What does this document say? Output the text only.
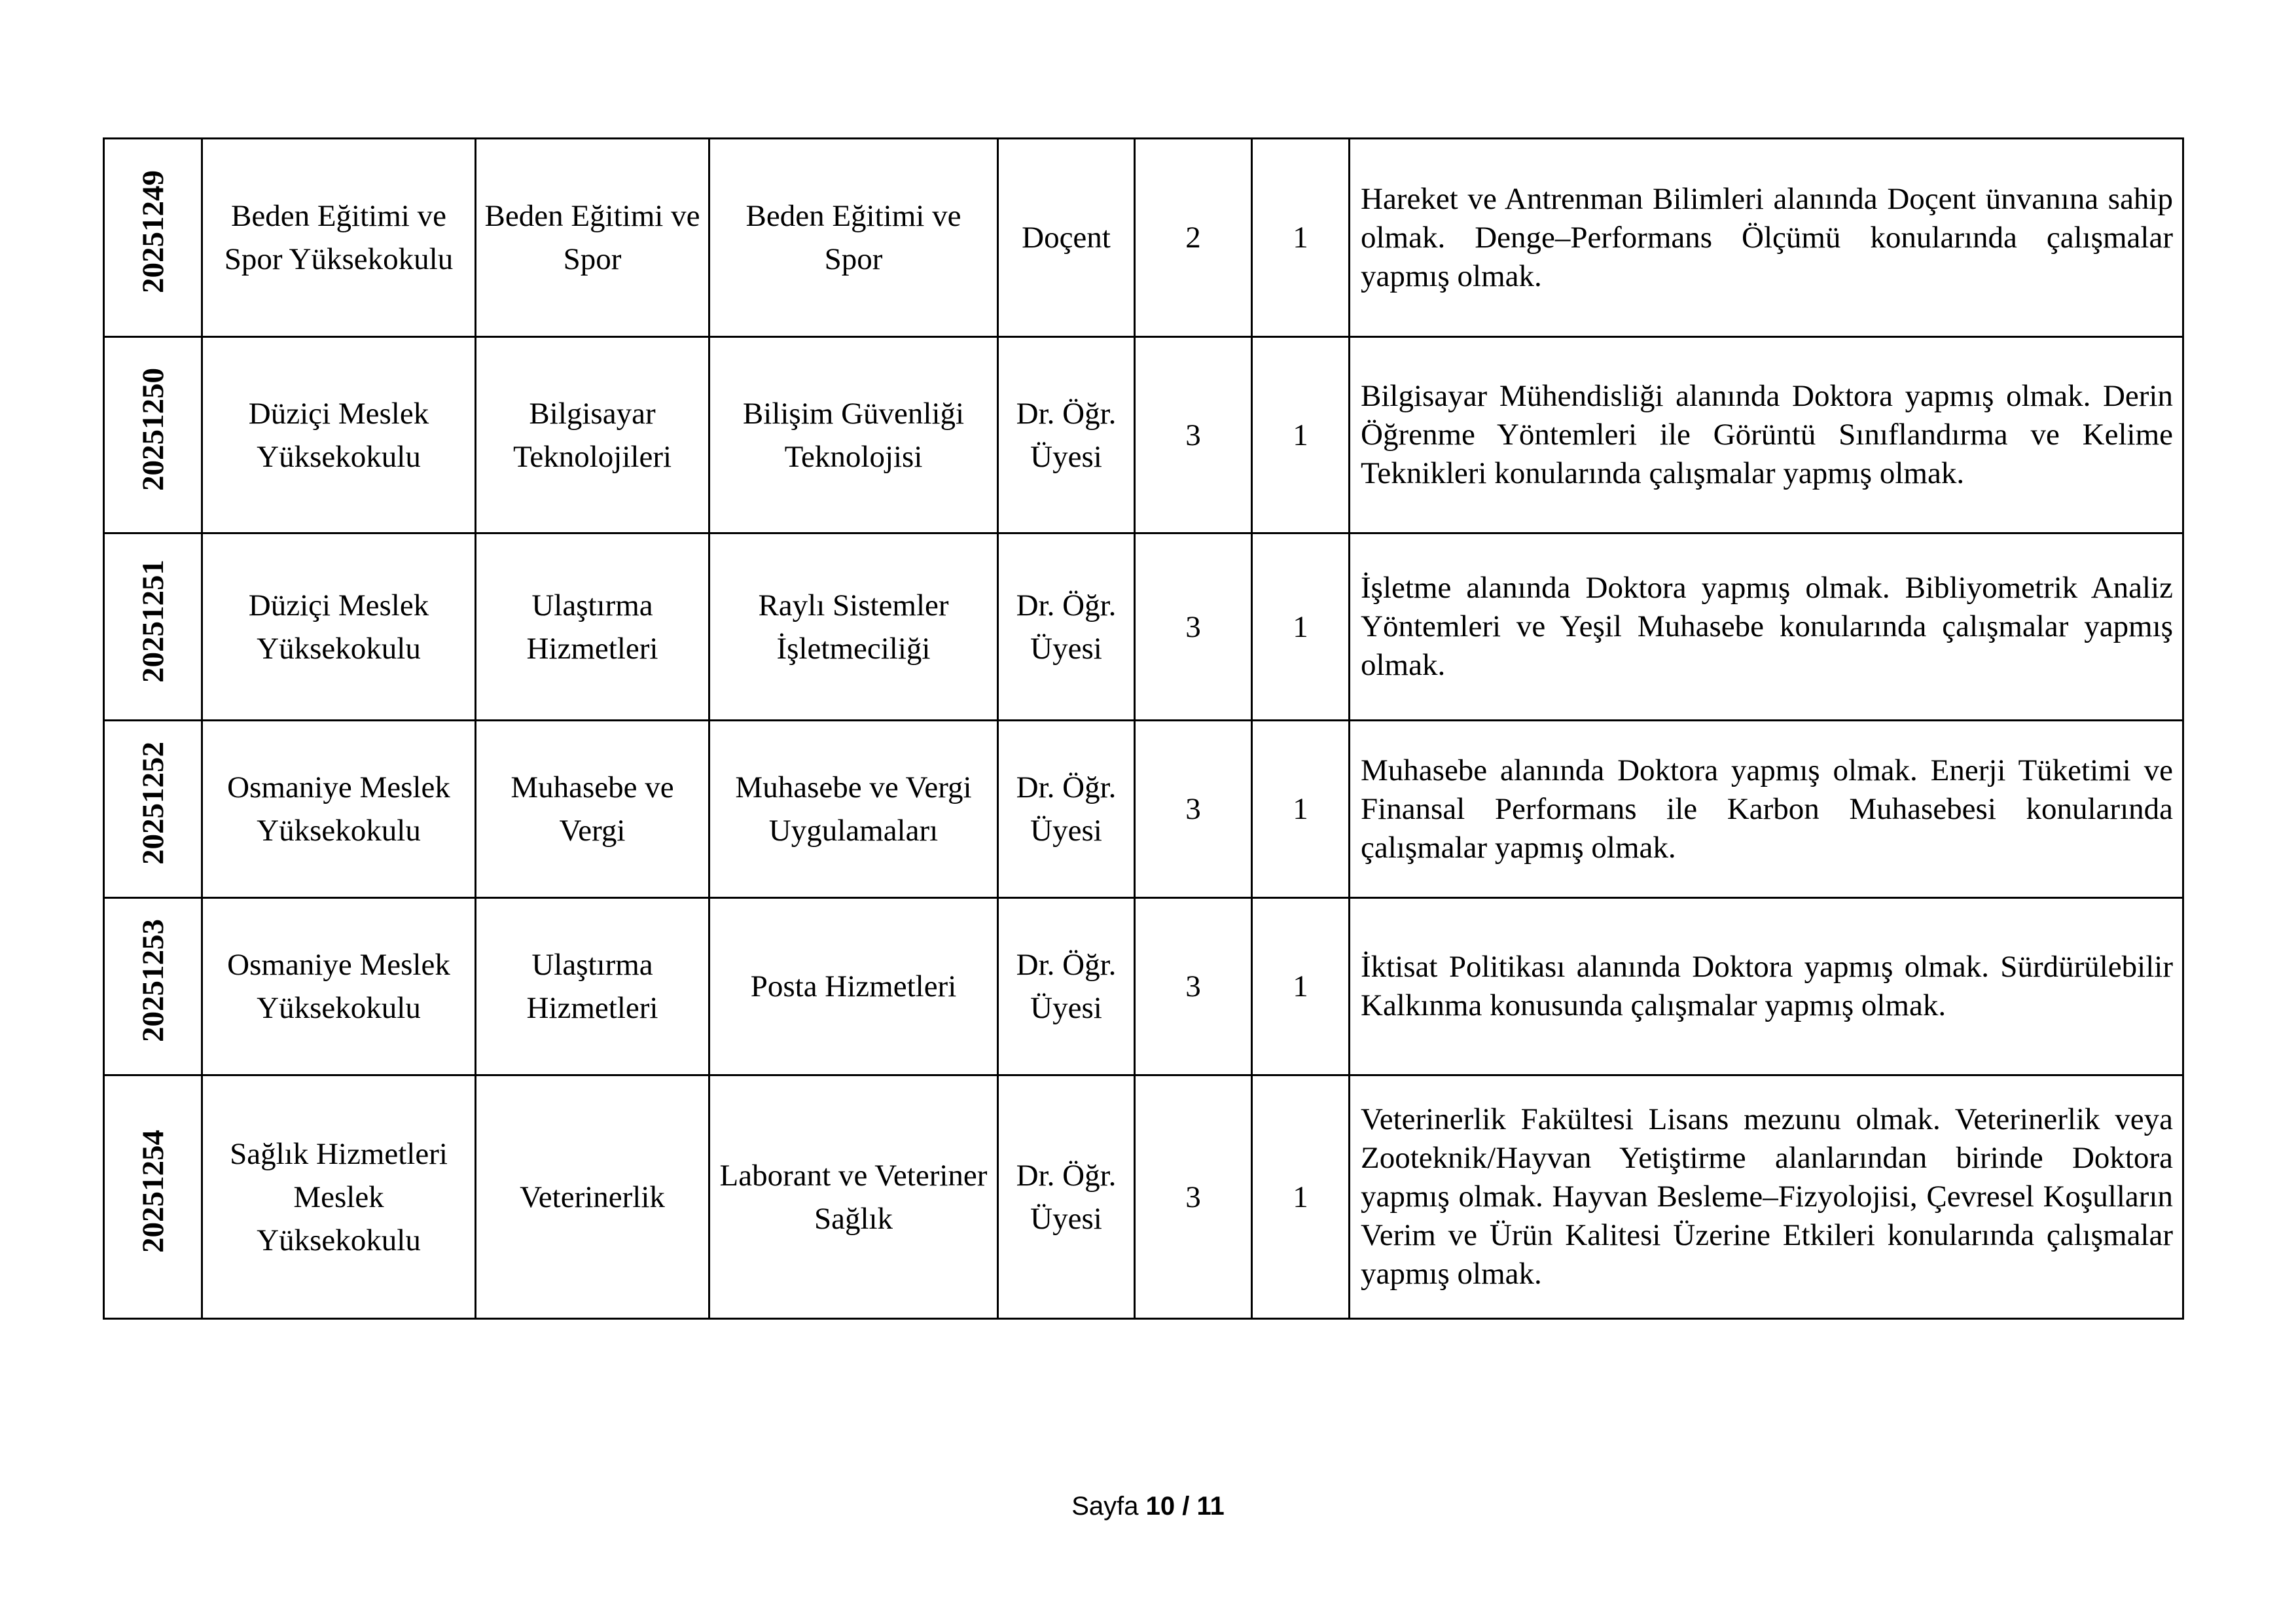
20251249	Beden Eğitimi ve Spor Yüksekokulu	Beden Eğitimi ve Spor	Beden Eğitimi ve Spor	Doçent	2	1	Hareket ve Antrenman Bilimleri alanında Doçent ünvanına sahip olmak. Denge–Performans Ölçümü konularında çalışmalar yapmış olmak.
20251250	Düziçi Meslek Yüksekokulu	Bilgisayar Teknolojileri	Bilişim Güvenliği Teknolojisi	Dr. Öğr. Üyesi	3	1	Bilgisayar Mühendisliği alanında Doktora yapmış olmak. Derin Öğrenme Yöntemleri ile Görüntü Sınıflandırma ve Kelime Teknikleri konularında çalışmalar yapmış olmak.
20251251	Düziçi Meslek Yüksekokulu	Ulaştırma Hizmetleri	Raylı Sistemler İşletmeciliği	Dr. Öğr. Üyesi	3	1	İşletme alanında Doktora yapmış olmak. Bibliyometrik Analiz Yöntemleri ve Yeşil Muhasebe konularında çalışmalar yapmış olmak.
20251252	Osmaniye Meslek Yüksekokulu	Muhasebe ve Vergi	Muhasebe ve Vergi Uygulamaları	Dr. Öğr. Üyesi	3	1	Muhasebe alanında Doktora yapmış olmak. Enerji Tüketimi ve Finansal Performans ile Karbon Muhasebesi konularında çalışmalar yapmış olmak.
20251253	Osmaniye Meslek Yüksekokulu	Ulaştırma Hizmetleri	Posta Hizmetleri	Dr. Öğr. Üyesi	3	1	İktisat Politikası alanında Doktora yapmış olmak. Sürdürülebilir Kalkınma konusunda çalışmalar yapmış olmak.
20251254	Sağlık Hizmetleri Meslek Yüksekokulu	Veterinerlik	Laborant ve Veteriner Sağlık	Dr. Öğr. Üyesi	3	1	Veterinerlik Fakültesi Lisans mezunu olmak. Veterinerlik veya Zooteknik/Hayvan Yetiştirme alanlarından birinde Doktora yapmış olmak. Hayvan Besleme–Fizyolojisi, Çevresel Koşulların Verim ve Ürün Kalitesi Üzerine Etkileri konularında çalışmalar yapmış olmak.
Sayfa 10 / 11
